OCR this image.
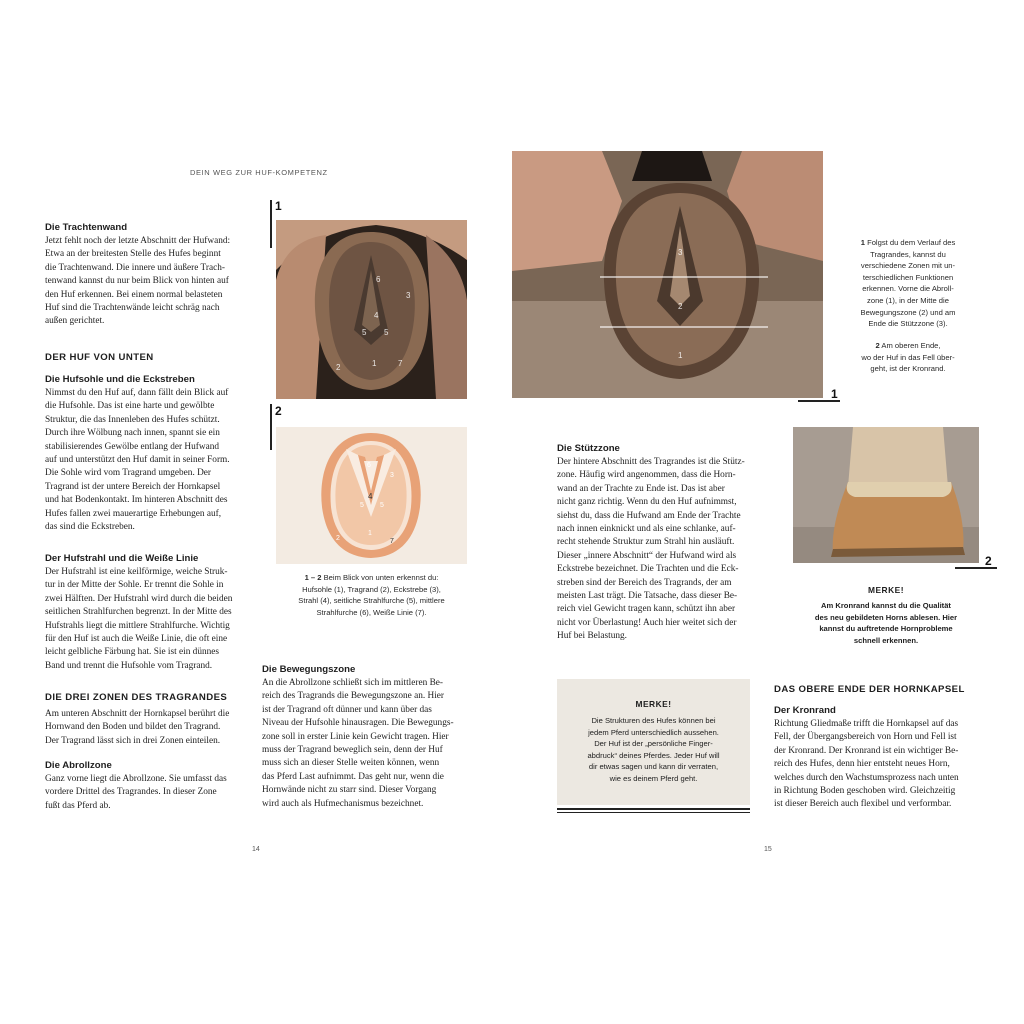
DEIN WEG ZUR HUF-KOMPETENZ
Die Trachtenwand
Jetzt fehlt noch der letzte Abschnitt der Hufwand:
Etwa an der breitesten Stelle des Hufes beginnt
die Trachtenwand. Die innere und äußere Trach-
tenwand kannst du nur beim Blick von hinten auf
den Huf erkennen. Bei einem normal belasteten
Huf sind die Trachtenwände leicht schräg nach
außen gerichtet.
DER HUF VON UNTEN
Die Hufsohle und die Eckstreben
Nimmst du den Huf auf, dann fällt dein Blick auf
die Hufsohle. Das ist eine harte und gewölbte
Struktur, die das Innenleben des Hufes schützt.
Durch ihre Wölbung nach innen, spannt sie ein
stabilisierendes Gewölbe entlang der Hufwand
auf und unterstützt den Huf damit in seiner Form.
Die Sohle wird vom Tragrand umgeben. Der
Tragrand ist der untere Bereich der Hornkapsel
und hat Bodenkontakt. Im hinteren Abschnitt des
Hufes fallen zwei mauerartige Erhebungen auf,
das sind die Eckstreben.
Der Hufstrahl und die Weiße Linie
Der Hufstrahl ist eine keilförmige, weiche Struk-
tur in der Mitte der Sohle. Er trennt die Sohle in
zwei Hälften. Der Hufstrahl wird durch die beiden
seitlichen Strahlfurchen begrenzt. In der Mitte des
Hufstrahls liegt die mittlere Strahlfurche. Wichtig
für den Huf ist auch die Weiße Linie, die oft eine
leicht gelbliche Färbung hat. Sie ist ein dünnes
Band und trennt die Hufsohle vom Tragrand.
DIE DREI ZONEN DES TRAGRANDES
Am unteren Abschnitt der Hornkapsel berührt die
Hornwand den Boden und bildet den Tragrand.
Der Tragrand lässt sich in drei Zonen einteilen.
Die Abrollzone
Ganz vorne liegt die Abrollzone. Sie umfasst das
vordere Drittel des Tragrandes. In dieser Zone
fußt das Pferd ab.
1
6
3
4
5 5
2	1	7
2
6
4
5 5
3
1
2	7

1 – 2 Beim Blick von unten erkennst du:

Hufsohle (1), Tragrand (2), Eckstrebe (3),

Strahl (4), seitliche Strahlfurche (5), mittlere

Strahlfurche (6), Weiße Linie (7).

Die Bewegungszone
An die Abrollzone schließt sich im mittleren Be-
reich des Tragrands die Bewegungszone an. Hier
ist der Tragrand oft dünner und kann über das
Niveau der Hufsohle hinausragen. Die Bewegungs-
zone soll in erster Linie kein Gewicht tragen. Hier
muss der Tragrand beweglich sein, denn der Huf
muss sich an dieser Stelle weiten können, wenn
das Pferd Last aufnimmt. Das geht nur, wenn die
Hornwände nicht zu starr sind. Dieser Vorgang
wird auch als Hufmechanismus bezeichnet.
14
3
2
1
1

1 Folgst du dem Verlauf des

Tragrandes, kannst du

verschiedene Zonen mit un-

terschiedlichen Funktionen

erkennen. Vorne die Abroll-

zone (1), in der Mitte die

Bewegungszone (2) und am

Ende die Stützzone (3).

2 Am oberen Ende,

wo der Huf in das Fell über-

geht, ist der Kronrand.

Die Stützzone
Der hintere Abschnitt des Tragrandes ist die Stütz-
zone. Häufig wird angenommen, dass die Horn-
wand an der Trachte zu Ende ist. Das ist aber
nicht ganz richtig. Wenn du den Huf aufnimmst,
siehst du, dass die Hufwand am Ende der Trachte
nach innen einknickt und als eine schlanke, auf-
recht stehende Struktur zum Strahl hin ausläuft.
Dieser „innere Abschnitt“ der Hufwand wird als
Eckstrebe bezeichnet. Die Trachten und die Eck-
streben sind der Bereich des Tragrands, der am
meisten Last trägt. Die Tatsache, dass dieser Be-
reich viel Gewicht tragen kann, schützt ihn aber
nicht vor Überlastung! Auch hier weitet sich der
Huf bei Belastung.
MERKE!
Die Strukturen des Hufes können bei
jedem Pferd unterschiedlich aussehen.
Der Huf ist der „persönliche Finger-
abdruck“ deines Pferdes. Jeder Huf will
dir etwas sagen und kann dir verraten,
wie es deinem Pferd geht.
2
MERKE!
Am Kronrand kannst du die Qualität
des neu gebildeten Horns ablesen. Hier
kannst du auftretende Hornprobleme
schnell erkennen.
DAS OBERE ENDE DER HORNKAPSEL
Der Kronrand
Richtung Gliedmaße trifft die Hornkapsel auf das
Fell, der Übergangsbereich von Horn und Fell ist
der Kronrand. Der Kronrand ist ein wichtiger Be-
reich des Hufes, denn hier entsteht neues Horn,
welches durch den Wachstumsprozess nach unten
in Richtung Boden geschoben wird. Gleichzeitig
ist dieser Bereich auch flexibel und verformbar.
15
